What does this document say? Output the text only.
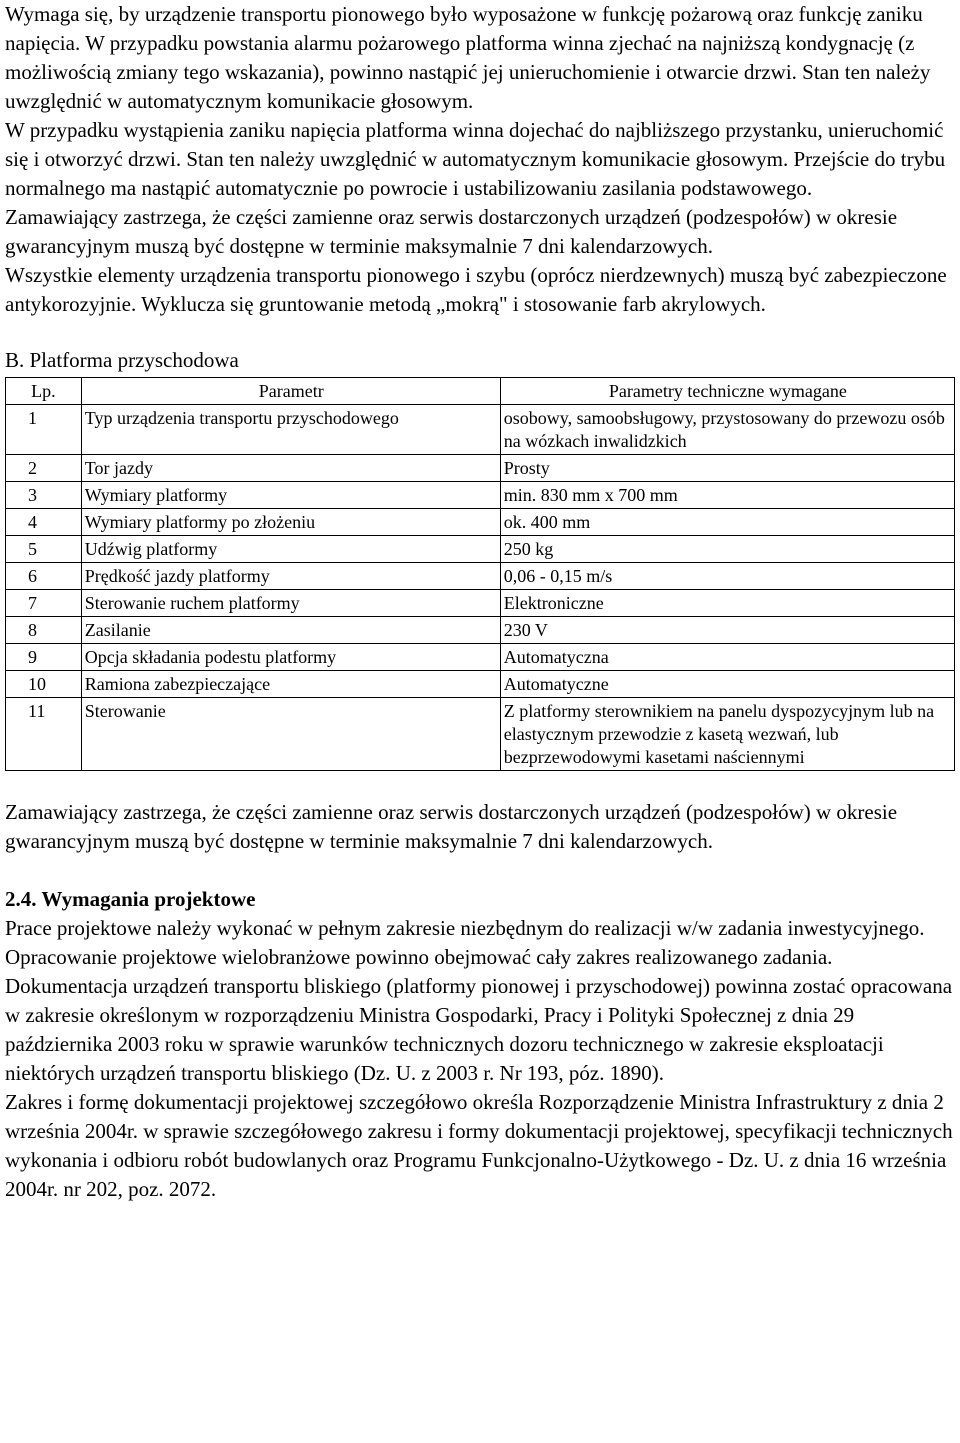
Wymaga się, by urządzenie transportu pionowego było wyposażone w funkcję pożarową oraz funkcję zaniku napięcia. W przypadku powstania alarmu pożarowego platforma winna zjechać na najniższą kondygnację (z możliwością zmiany tego wskazania), powinno nastąpić jej unieruchomienie i otwarcie drzwi. Stan ten należy uwzględnić w automatycznym komunikacie głosowym.

W przypadku wystąpienia zaniku napięcia platforma winna dojechać do najbliższego przystanku, unieruchomić się i otworzyć drzwi. Stan ten należy uwzględnić w automatycznym komunikacie głosowym. Przejście do trybu normalnego ma nastąpić automatycznie po powrocie i ustabilizowaniu zasilania podstawowego.

Zamawiający zastrzega, że części zamienne oraz serwis dostarczonych urządzeń (podzespołów) w okresie gwarancyjnym muszą być dostępne w terminie maksymalnie 7 dni kalendarzowych.

Wszystkie elementy urządzenia transportu pionowego i szybu (oprócz nierdzewnych) muszą być zabezpieczone antykorozyjnie. Wyklucza się gruntowanie metodą „mokrą" i stosowanie farb akrylowych.

B. Platforma przyschodowa
Lp.	Parametr	Parametry techniczne wymagane
1	Typ urządzenia transportu przyschodowego	osobowy, samoobsługowy, przystosowany do przewozu osób na wózkach inwalidzkich
2	Tor jazdy	Prosty
3	Wymiary platformy	min. 830 mm x 700 mm
4	Wymiary platformy po złożeniu	ok. 400 mm
5	Udźwig platformy	250 kg
6	Prędkość jazdy platformy	0,06 - 0,15 m/s
7	Sterowanie ruchem platformy	Elektroniczne
8	Zasilanie	230 V
9	Opcja składania podestu platformy	Automatyczna
10	Ramiona zabezpieczające	Automatyczne
11	Sterowanie	Z platformy sterownikiem na panelu dyspozycyjnym lub na elastycznym przewodzie z kasetą wezwań, lub bezprzewodowymi kasetami naściennymi

Zamawiający zastrzega, że części zamienne oraz serwis dostarczonych urządzeń (podzespołów) w okresie gwarancyjnym muszą być dostępne w terminie maksymalnie 7 dni kalendarzowych.

2.4. Wymagania projektowe

Prace projektowe należy wykonać w pełnym zakresie niezbędnym do realizacji w/w zadania inwestycyjnego. Opracowanie projektowe wielobranżowe powinno obejmować cały zakres realizowanego zadania.

Dokumentacja urządzeń transportu bliskiego (platformy pionowej i przyschodowej) powinna zostać opracowana w zakresie określonym w rozporządzeniu Ministra Gospodarki, Pracy i Polityki Społecznej z dnia 29 października 2003 roku w sprawie warunków technicznych dozoru technicznego w zakresie eksploatacji niektórych urządzeń transportu bliskiego (Dz. U. z 2003 r. Nr 193, póz. 1890).

Zakres i formę dokumentacji projektowej szczegółowo określa Rozporządzenie Ministra Infrastruktury z dnia 2 września 2004r. w sprawie szczegółowego zakresu i formy dokumentacji projektowej, specyfikacji technicznych wykonania i odbioru robót budowlanych oraz Programu Funkcjonalno-Użytkowego - Dz. U. z dnia 16 września 2004r. nr 202, poz. 2072.
